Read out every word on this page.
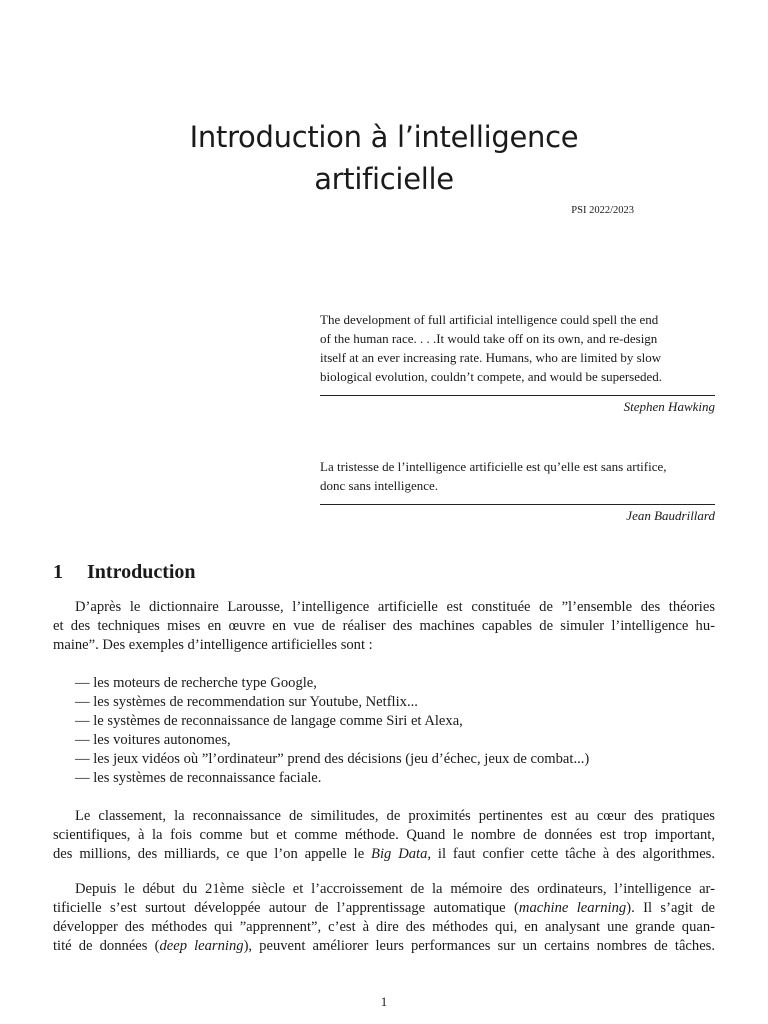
Introduction à l’intelligence
artificielle
PSI 2022/2023
The development of full artificial intelligence could spell the end
of the human race. . . .It would take off on its own, and re-design
itself at an ever increasing rate. Humans, who are limited by slow
biological evolution, couldn’t compete, and would be superseded.
Stephen Hawking
La tristesse de l’intelligence artificielle est qu’elle est sans artifice,
donc sans intelligence.
Jean Baudrillard
1 Introduction
D’après le dictionnaire Larousse, l’intelligence artificielle est constituée de ”l’ensemble des théories
et des techniques mises en œuvre en vue de réaliser des machines capables de simuler l’intelligence hu-
maine”. Des exemples d’intelligence artificielles sont :
— les moteurs de recherche type Google,
— les systèmes de recommendation sur Youtube, Netflix...
— le systèmes de reconnaissance de langage comme Siri et Alexa,
— les voitures autonomes,
— les jeux vidéos où ”l’ordinateur” prend des décisions (jeu d’échec, jeux de combat...)
— les systèmes de reconnaissance faciale.
Le classement, la reconnaissance de similitudes, de proximités pertinentes est au cœur des pratiques
scientifiques, à la fois comme but et comme méthode. Quand le nombre de données est trop important,
des millions, des milliards, ce que l’on appelle le Big Data, il faut confier cette tâche à des algorithmes.
Depuis le début du 21ème siècle et l’accroissement de la mémoire des ordinateurs, l’intelligence ar-
tificielle s’est surtout développée autour de l’apprentissage automatique (machine learning). Il s’agit de
développer des méthodes qui ”apprennent”, c’est à dire des méthodes qui, en analysant une grande quan-
tité de données (deep learning), peuvent améliorer leurs performances sur un certains nombres de tâches.
1
